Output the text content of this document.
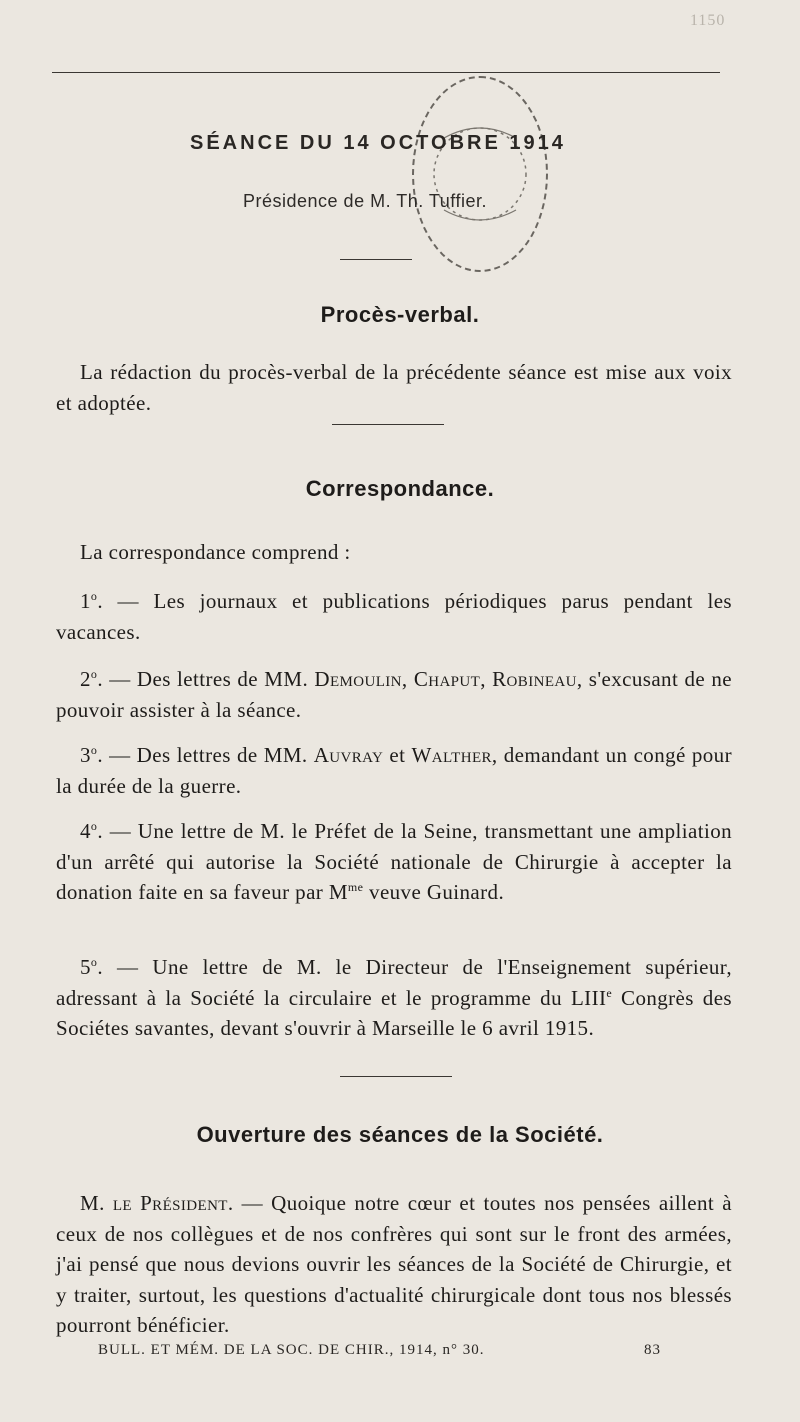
1150
SÉANCE DU 14 OCTOBRE 1914
Présidence de M. Th. Tuffier.
Procès-verbal.
La rédaction du procès-verbal de la précédente séance est mise aux voix et adoptée.
Correspondance.
La correspondance comprend :
1$^o$. — Les journaux et publications périodiques parus pendant les vacances.
2$^o$. — Des lettres de MM. Demoulin, Chaput, Robineau, s'excusant de ne pouvoir assister à la séance.
3$^o$. — Des lettres de MM. Auvray et Walther, demandant un congé pour la durée de la guerre.
4$^o$. — Une lettre de M. le Préfet de la Seine, transmettant une ampliation d'un arrêté qui autorise la Société nationale de Chirurgie à accepter la donation faite en sa faveur par $M^{me}$ veuve Guinard.
5$^o$. — Une lettre de M. le Directeur de l'Enseignement supérieur, adressant à la Société la circulaire et le programme du LIIIe Congrès des Sociétes savantes, devant s'ouvrir à Marseille le 6 avril 1915.
Ouverture des séances de la Société.
M. le Président. — Quoique notre cœur et toutes nos pensées aillent à ceux de nos collègues et de nos confrères qui sont sur le front des armées, j'ai pensé que nous devions ouvrir les séances de la Société de Chirurgie, et y traiter, surtout, les questions d'actualité chirurgicale dont tous nos blessés pourront bénéficier.
BULL. ET MÉM. DE LA SOC. DE CHIR., 1914, n° 30.	83
